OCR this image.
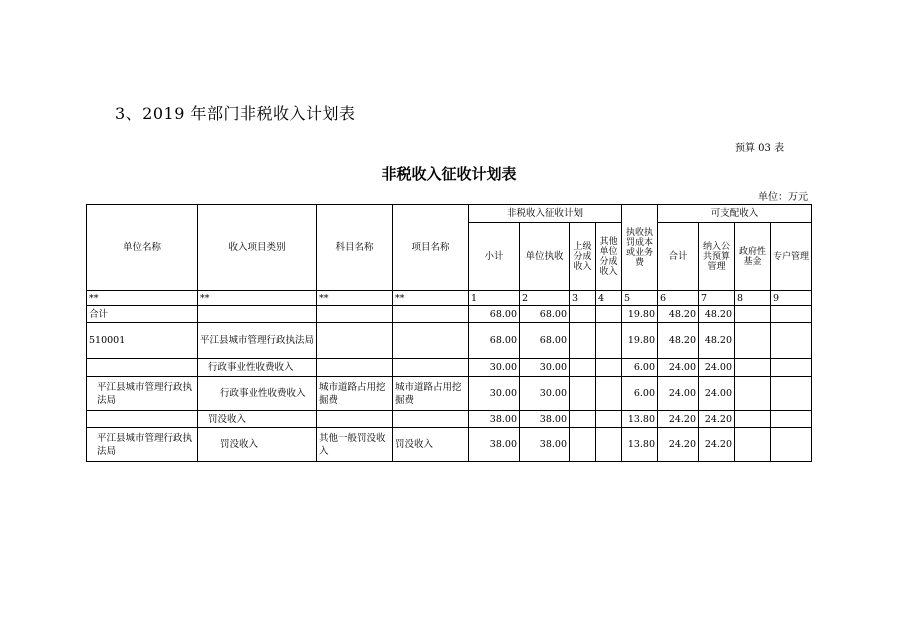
3、2019 年部门非税收入计划表
预算 03 表
非税收入征收计划表
单位：万元
单位名称	收入项目类别	科目名称	项目名称	非税收入征收计划				执收执罚成本或业务费	可支配收入			
				小计	单位执收	上级分成收入	其他单位分成收入		合计	纳入公共预算管理	政府性基金	专户管理
**	**	**	**	1	2	3	4	5	6	7	8	9
合计				68.00	68.00			19.80	48.20	48.20		
510001	平江县城市管理行政执法局			68.00	68.00			19.80	48.20	48.20		
	行政事业性收费收入			30.00	30.00			6.00	24.00	24.00		
平江县城市管理行政执法局	行政事业性收费收入	城市道路占用挖掘费	城市道路占用挖掘费	30.00	30.00			6.00	24.00	24.00		
	罚没收入			38.00	38.00			13.80	24.20	24.20		
平江县城市管理行政执法局	罚没收入	其他一般罚没收入	罚没收入	38.00	38.00			13.80	24.20	24.20		
